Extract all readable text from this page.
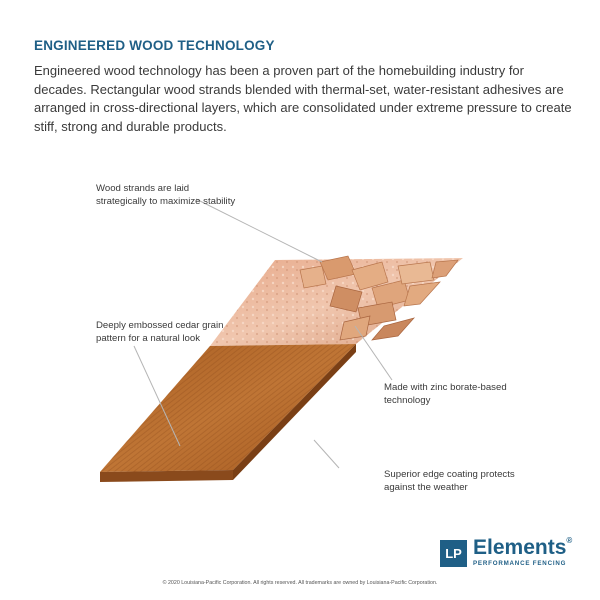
ENGINEERED WOOD TECHNOLOGY

Engineered wood technology has been a proven part of the homebuilding industry for decades. Rectangular wood strands blended with thermal-set, water-resistant adhesives are arranged in cross-directional layers, which are consolidated under extreme pressure to create stiff, strong and durable products.

Wood strands are laid strategically to maximize stability
Deeply embossed cedar grain pattern for a natural look
Made with zinc borate-based technology
Superior edge coating protects against the weather
LP Elements®
PERFORMANCE FENCING
© 2020 Louisiana-Pacific Corporation. All rights reserved. All trademarks are owned by Louisiana-Pacific Corporation.
